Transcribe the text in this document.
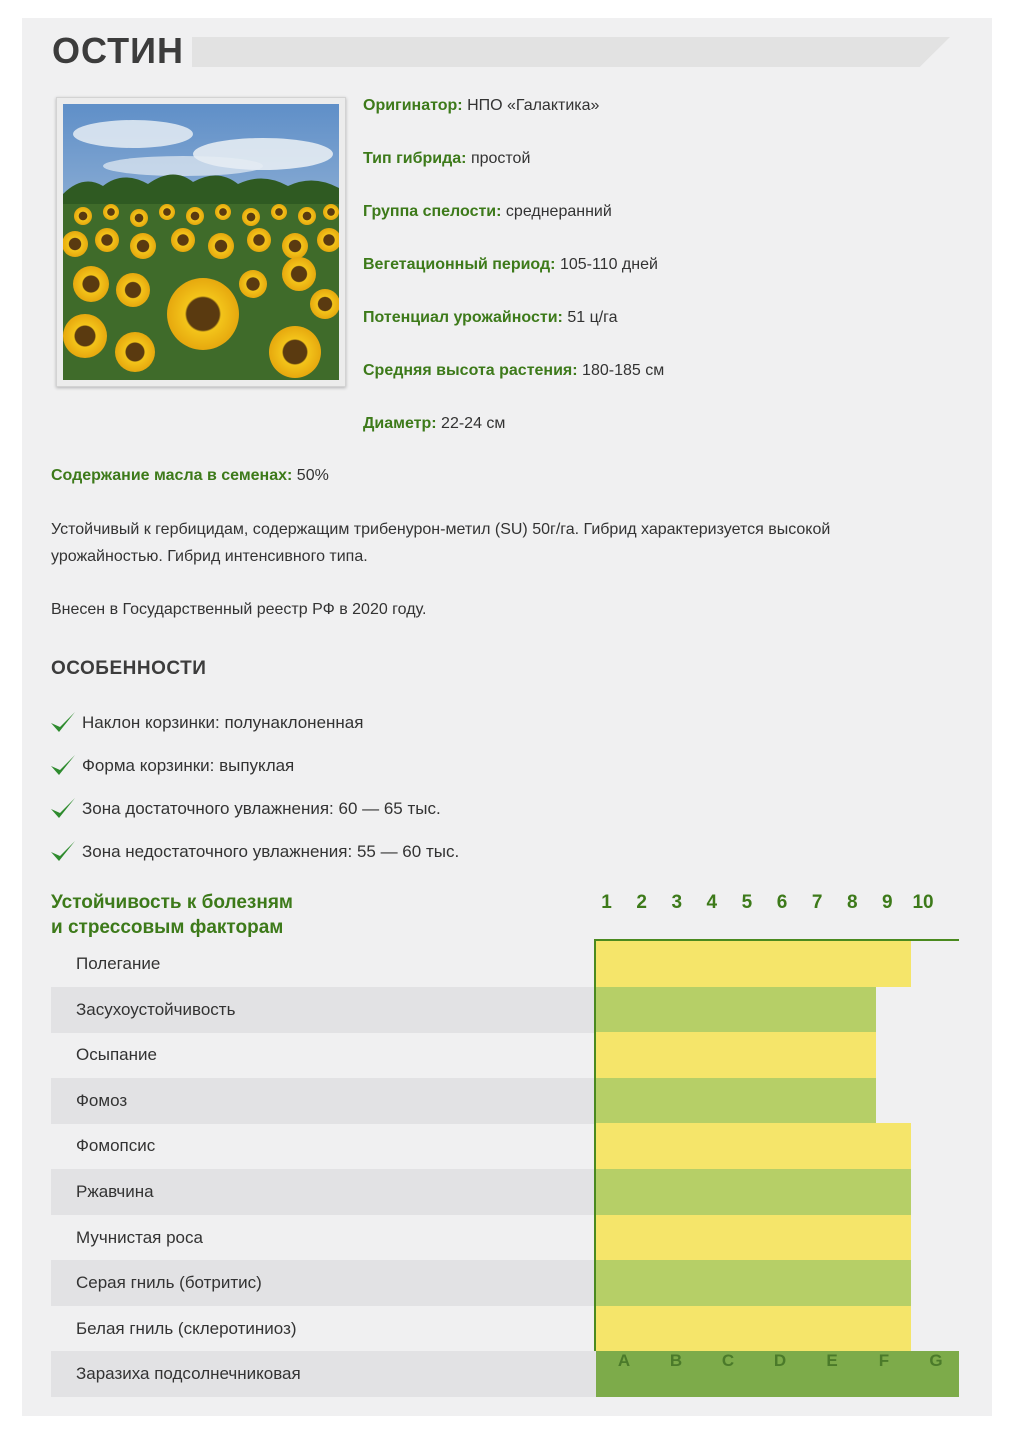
ОСТИН
Оригинатор: НПО «Галактика»
Тип гибрида: простой
Группа спелости: среднеранний
Вегетационный период: 105-110 дней
Потенциал урожайности: 51 ц/га
Средняя высота растения: 180-185 см
Диаметр: 22-24 см
Содержание масла в семенах: 50%

Устойчивый к гербицидам, содержащим трибенурон-метил (SU) 50г/га. Гибрид характеризуется высокой урожайностью. Гибрид интенсивного типа.

Внесен в Государственный реестр РФ в 2020 году.

ОСОБЕННОСТИ
Наклон корзинки: полунаклоненная
Форма корзинки: выпуклая
Зона достаточного увлажнения: 60 — 65 тыс.
Зона недостаточного увлажнения: 55 — 60 тыс.
Устойчивость к болезням
и стрессовым факторам
1 2 3 4 5 6 7 8 9 10
Полегание
Засухоустойчивость
Осыпание
Фомоз
Фомопсис
Ржавчина
Мучнистая роса
Серая гниль (ботритис)
Белая гниль (склеротиниоз)
Заразиха подсолнечниковая
A B C D E F G
